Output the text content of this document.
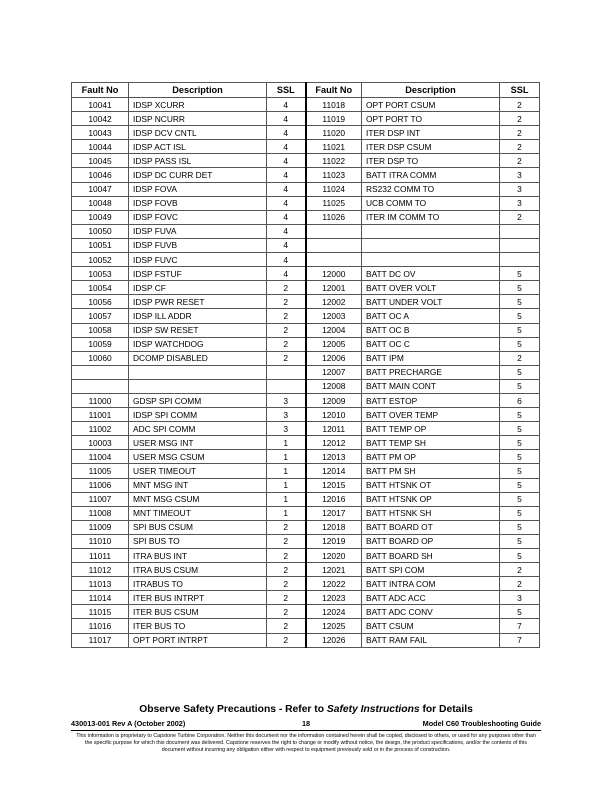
Fault No	Description	SSL	Fault No	Description	SSL
10041	IDSP XCURR	4	11018	OPT PORT CSUM	2
10042	IDSP NCURR	4	11019	OPT PORT TO	2
10043	IDSP DCV CNTL	4	11020	ITER DSP INT	2
10044	IDSP ACT ISL	4	11021	ITER DSP CSUM	2
10045	IDSP PASS ISL	4	11022	ITER DSP TO	2
10046	IDSP DC CURR DET	4	11023	BATT ITRA COMM	3
10047	IDSP FOVA	4	11024	RS232 COMM TO	3
10048	IDSP FOVB	4	11025	UCB COMM TO	3
10049	IDSP FOVC	4	11026	ITER IM COMM TO	2
10050	IDSP FUVA	4			
10051	IDSP FUVB	4			
10052	IDSP FUVC	4			
10053	IDSP FSTUF	4	12000	BATT DC OV	5
10054	IDSP CF	2	12001	BATT OVER VOLT	5
10056	IDSP PWR RESET	2	12002	BATT UNDER VOLT	5
10057	IDSP ILL ADDR	2	12003	BATT OC A	5
10058	IDSP SW RESET	2	12004	BATT OC B	5
10059	IDSP WATCHDOG	2	12005	BATT OC C	5
10060	DCOMP DISABLED	2	12006	BATT IPM	2
			12007	BATT PRECHARGE	5
			12008	BATT MAIN CONT	5
11000	GDSP SPI COMM	3	12009	BATT ESTOP	6
11001	IDSP SPI COMM	3	12010	BATT OVER TEMP	5
11002	ADC SPI COMM	3	12011	BATT TEMP OP	5
10003	USER MSG INT	1	12012	BATT TEMP SH	5
11004	USER MSG CSUM	1	12013	BATT PM OP	5
11005	USER TIMEOUT	1	12014	BATT PM SH	5
11006	MNT MSG INT	1	12015	BATT HTSNK OT	5
11007	MNT MSG CSUM	1	12016	BATT HTSNK OP	5
11008	MNT TIMEOUT	1	12017	BATT HTSNK SH	5
11009	SPI BUS CSUM	2	12018	BATT BOARD OT	5
11010	SPI BUS TO	2	12019	BATT BOARD OP	5
11011	ITRA BUS INT	2	12020	BATT BOARD SH	5
11012	ITRA BUS CSUM	2	12021	BATT SPI COM	2
11013	ITRABUS TO	2	12022	BATT INTRA COM	2
11014	ITER BUS INTRPT	2	12023	BATT ADC ACC	3
11015	ITER BUS CSUM	2	12024	BATT ADC CONV	5
11016	ITER BUS TO	2	12025	BATT CSUM	7
11017	OPT PORT INTRPT	2	12026	BATT RAM FAIL	7
Observe Safety Precautions - Refer to Safety Instructions for Details
430013-001 Rev A (October 2002)	18	Model C60 Troubleshooting Guide
This information is proprietary to Capstone Turbine Corporation. Neither this document nor the information contained herein shall be copied, disclosed to others, or used for any purposes other than the specific purpose for which this document was delivered. Capstone reserves the right to change or modify without notice, the design, the product specifications, and/or the contents of this document without incurring any obligation either with respect to equipment previously sold or in the process of construction.
